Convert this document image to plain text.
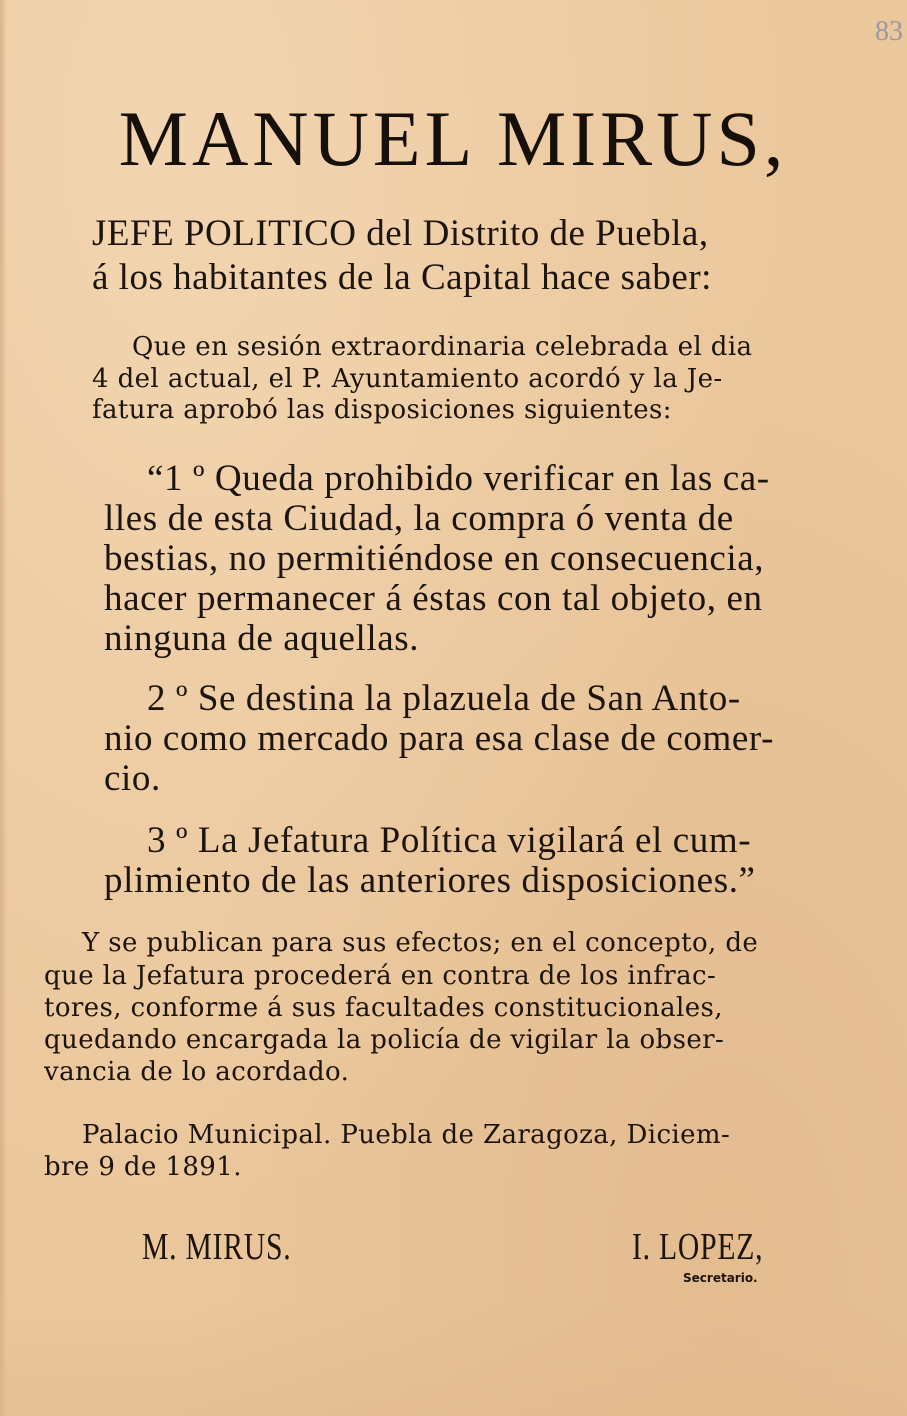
83
MANUEL MIRUS,

JEFE POLITICO del Distrito de Puebla,

á los habitantes de la Capital hace saber:

Que en sesión extraordinaria celebrada el dia

4 del actual, el P. Ayuntamiento acordó y la Je-

fatura aprobó las disposiciones siguientes:

“1 º Queda prohibido verificar en las ca-

lles de esta Ciudad, la compra ó venta de

bestias, no permitiéndose en consecuencia,

hacer permanecer á éstas con tal objeto, en

ninguna de aquellas.

2 º Se destina la plazuela de San Anto-

nio como mercado para esa clase de comer-

cio.

3 º La Jefatura Política vigilará el cum-

plimiento de las anteriores disposiciones.”

Y se publican para sus efectos; en el concepto, de

que la Jefatura procederá en contra de los infrac-

tores, conforme á sus facultades constitucionales,

quedando encargada la policía de vigilar la obser-

vancia de lo acordado.

Palacio Municipal. Puebla de Zaragoza, Diciem-

bre 9 de 1891.

M. MIRUS.	I. LOPEZ,
Secretario.
